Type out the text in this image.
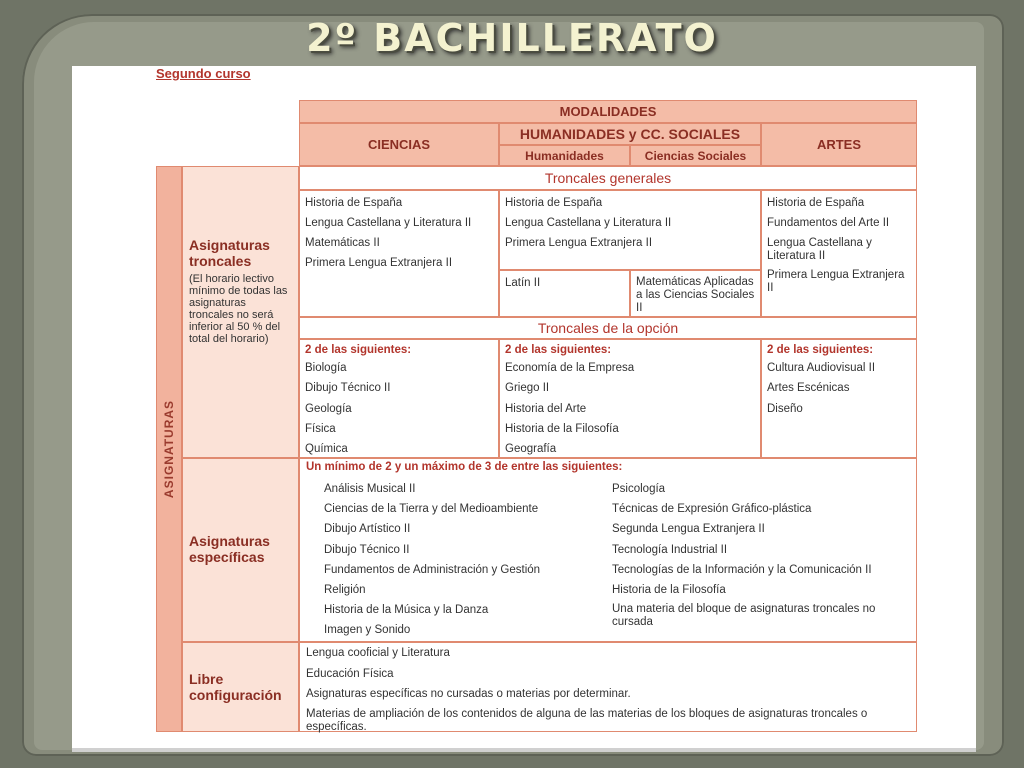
2º BACHILLERATO
Segundo curso
MODALIDADES
CIENCIAS
HUMANIDADES y CC. SOCIALES
Humanidades	Ciencias Sociales
ARTES
ASIGNATURAS
Asignaturas troncales
(El horario lectivo mínimo de todas las asignaturas troncales no será inferior al 50 % del total del horario)
Asignaturas específicas
Libre configuración
Troncales generales
Historia de España
Lengua Castellana y Literatura II
Matemáticas II
Primera Lengua Extranjera II
Historia de España
Lengua Castellana y Literatura II
Primera Lengua Extranjera II
Latín II	Matemáticas Aplicadas a las Ciencias Sociales II
Historia de España
Fundamentos del Arte II
Lengua Castellana y Literatura II
Primera Lengua Extranjera II
Troncales de la opción
2 de las siguientes:
Biología
Dibujo Técnico II
Geología
Física
Química
2 de las siguientes:
Economía de la Empresa
Griego II
Historia del Arte
Historia de la Filosofía
Geografía
2 de las siguientes:
Cultura Audiovisual II
Artes Escénicas
Diseño
Un mínimo de 2 y un máximo de 3 de entre las siguientes:
Análisis Musical II
Ciencias de la Tierra y del Medioambiente
Dibujo Artístico II
Dibujo Técnico II
Fundamentos de Administración y Gestión
Religión
Historia de la Música y la Danza
Imagen y Sonido
Psicología
Técnicas de Expresión Gráfico-plástica
Segunda Lengua Extranjera II
Tecnología Industrial II
Tecnologías de la Información y la Comunicación II
Historia de la Filosofía
Una materia del bloque de asignaturas troncales no cursada
Lengua cooficial y Literatura
Educación Física
Asignaturas específicas no cursadas o materias por determinar.
Materias de ampliación de los contenidos de alguna de las materias de los bloques de asignaturas troncales o específicas.
